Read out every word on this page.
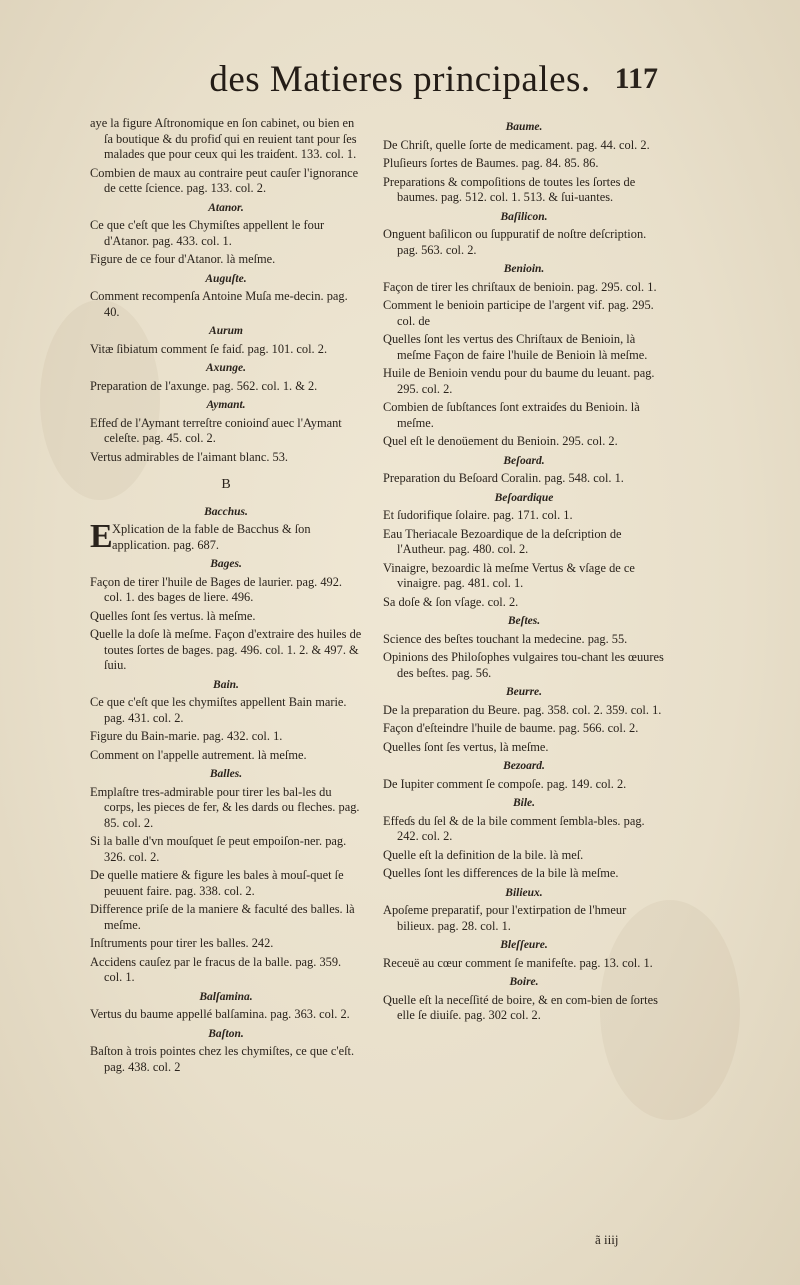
des Matieres principales. 117
aye la figure Aſtronomique en ſon cabinet, ou bien en ſa boutique & du profiɗ qui en reuient tant pour ſes malades que pour ceux qui les traiɗent. 133. col. 1.
Combien de maux au contraire peut cauſer l'ignorance de cette ſcience. pag. 133. col. 2.
Atanor.
Ce que c'eſt que les Chymiſtes appellent le four d'Atanor. pag. 433. col. 1.
Figure de ce four d'Atanor. là meſme.
Auguſte.
Comment recompenſa Antoine Muſa me-decin. pag. 40.
Aurum
Vitæ ſibiatum comment ſe faiɗ. pag. 101. col. 2.
Axunge.
Preparation de l'axunge. pag. 562. col. 1. & 2.
Aymant.
Effeɗ de l'Aymant terreſtre conioinɗ auec l'Aymant celeſte. pag. 45. col. 2.
Vertus admirables de l'aimant blanc. 53.
B
Bacchus.
E Xplication de la fable de Bacchus & ſon application. pag. 687.
Bages.
Façon de tirer l'huile de Bages de laurier. pag. 492. col. 1. des bages de liere. 496.
Quelles ſont ſes vertus. là meſme.
Quelle la doſe là meſme. Façon d'extraire des huiles de toutes ſortes de bages. pag. 496. col. 1. 2. & 497. & ſuiu.
Bain.
Ce que c'eſt que les chymiſtes appellent Bain marie. pag. 431. col. 2.
Figure du Bain-marie. pag. 432. col. 1.
Comment on l'appelle autrement. là meſme.
Balles.
Emplaſtre tres-admirable pour tirer les bal-les du corps, les pieces de fer, & les dards ou fleches. pag. 85. col. 2.
Si la balle d'vn mouſquet ſe peut empoiſon-ner. pag. 326. col. 2.
De quelle matiere & figure les bales à mouſ-quet ſe peuuent faire. pag. 338. col. 2.
Difference priſe de la maniere & faculté des balles. là meſme.
Inſtruments pour tirer les balles. 242.
Accidens cauſez par le fracus de la balle. pag. 359. col. 1.
Balſamina.
Vertus du baume appellé balſamina. pag. 363. col. 2.
Baſton.
Baſton à trois pointes chez les chymiſtes, ce que c'eſt. pag. 438. col. 2
Baume.
De Chriſt, quelle ſorte de medicament. pag. 44. col. 2.
Pluſieurs ſortes de Baumes. pag. 84. 85. 86.
Preparations & compoſitions de toutes les ſortes de baumes. pag. 512. col. 1. 513. & ſui-uantes.
Baſilicon.
Onguent baſilicon ou ſuppuratif de noſtre deſcription. pag. 563. col. 2.
Benioin.
Façon de tirer les chriſtaux de benioin. pag. 295. col. 1.
Comment le benioin participe de l'argent vif. pag. 295. col. de
Quelles ſont les vertus des Chriſtaux de Benioin, là meſme Façon de faire l'huile de Benioin là meſme.
Huile de Benioin vendu pour du baume du leuant. pag. 295. col. 2.
Combien de ſubſtances ſont extraiɗes du Benioin. là meſme.
Quel eſt le denoüement du Benioin. 295. col. 2.
Beſoard.
Preparation du Beſoard Coralin. pag. 548. col. 1.
Beſoardique
Et ſudorifique ſolaire. pag. 171. col. 1.
Eau Theriacale Bezoardique de la deſcription de l'Autheur. pag. 480. col. 2.
Vinaigre, bezoardic là meſme Vertus & vſage de ce vinaigre. pag. 481. col. 1.
Sa doſe & ſon vſage. col. 2.
Beſtes.
Science des beſtes touchant la medecine. pag. 55.
Opinions des Philoſophes vulgaires tou-chant les œuures des beſtes. pag. 56.
Beurre.
De la preparation du Beure. pag. 358. col. 2. 359. col. 1.
Façon d'eſteindre l'huile de baume. pag. 566. col. 2.
Quelles ſont ſes vertus, là meſme.
Bezoard.
De Iupiter comment ſe compoſe. pag. 149. col. 2.
Bile.
Effeɗs du ſel & de la bile comment ſembla-bles. pag. 242. col. 2.
Quelle eſt la definition de la bile. là meſ.
Quelles ſont les differences de la bile là meſme.
Bilieux.
Apoſeme preparatif, pour l'extirpation de l'hmeur bilieux. pag. 28. col. 1.
Bleſſeure.
Receuë au cœur comment ſe manifeſte. pag. 13. col. 1.
Boire.
Quelle eſt la neceſſité de boire, & en com-bien de ſortes elle ſe diuiſe. pag. 302 col. 2.
ã iiij
